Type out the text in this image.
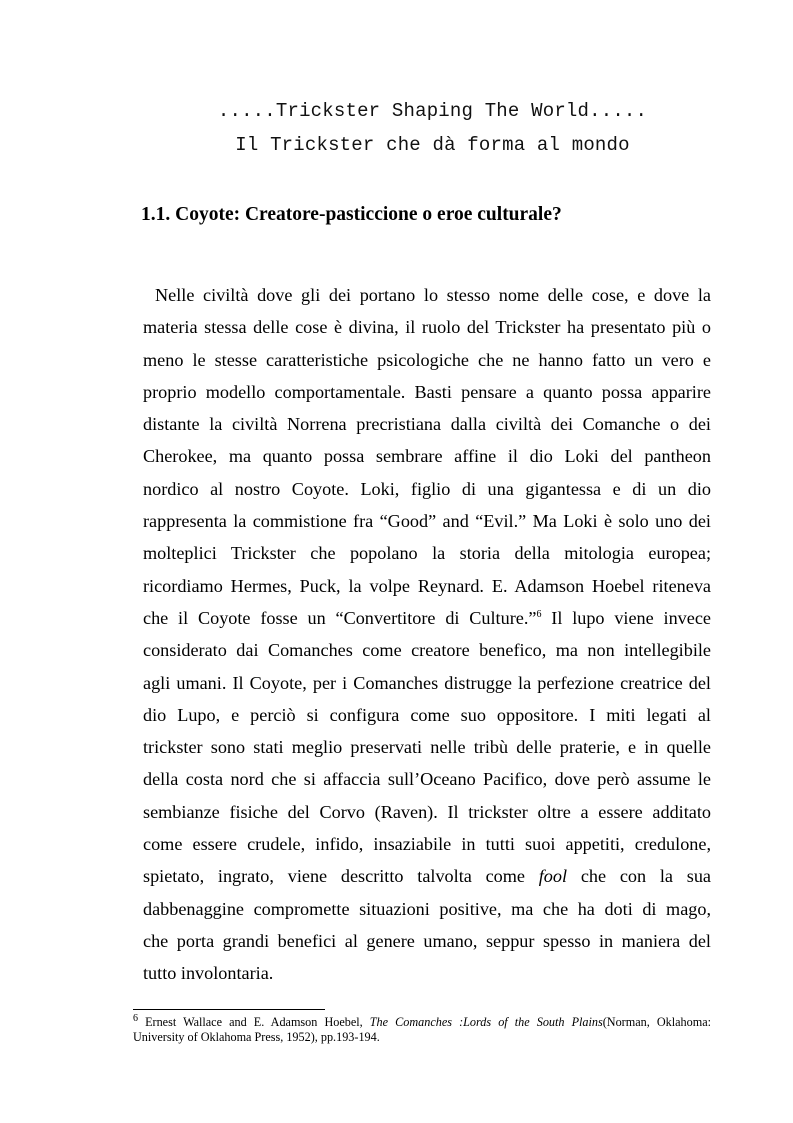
.....Trickster Shaping The World.....
Il Trickster che dà forma al mondo
1.1. Coyote: Creatore-pasticcione o eroe culturale?
Nelle civiltà dove gli dei portano lo stesso nome delle cose, e dove la
materia stessa delle cose è divina, il ruolo del Trickster ha presentato più o
meno le stesse caratteristiche psicologiche che ne hanno fatto un vero e
proprio modello comportamentale. Basti pensare a quanto possa apparire
distante la civiltà Norrena precristiana dalla civiltà dei Comanche o dei
Cherokee, ma quanto possa sembrare affine il dio Loki del pantheon
nordico al nostro Coyote. Loki, figlio di una gigantessa e di un dio
rappresenta la commistione fra “Good” and “Evil.” Ma Loki è solo uno dei
molteplici Trickster che popolano la storia della mitologia europea;
ricordiamo Hermes, Puck, la volpe Reynard. E. Adamson Hoebel riteneva
che il Coyote fosse un “Convertitore di Culture.”$^6$ Il lupo viene invece
considerato dai Comanches come creatore benefico, ma non intellegibile
agli umani. Il Coyote, per i Comanches distrugge la perfezione creatrice del
dio Lupo, e perciò si configura come suo oppositore. I miti legati al
trickster sono stati meglio preservati nelle tribù delle praterie, e in quelle
della costa nord che si affaccia sull’Oceano Pacifico, dove però assume le
sembianze fisiche del Corvo (Raven). Il trickster oltre a essere additato
come essere crudele, infido, insaziabile in tutti suoi appetiti, credulone,
spietato, ingrato, viene descritto talvolta come fool che con la sua
dabbenaggine compromette situazioni positive, ma che ha doti di mago,
che porta grandi benefici al genere umano, seppur spesso in maniera del
tutto involontaria.
$^6$ Ernest Wallace and E. Adamson Hoebel, The Comanches :Lords of the South Plains(Norman, Oklahoma:
University of Oklahoma Press, 1952), pp.193-194.
